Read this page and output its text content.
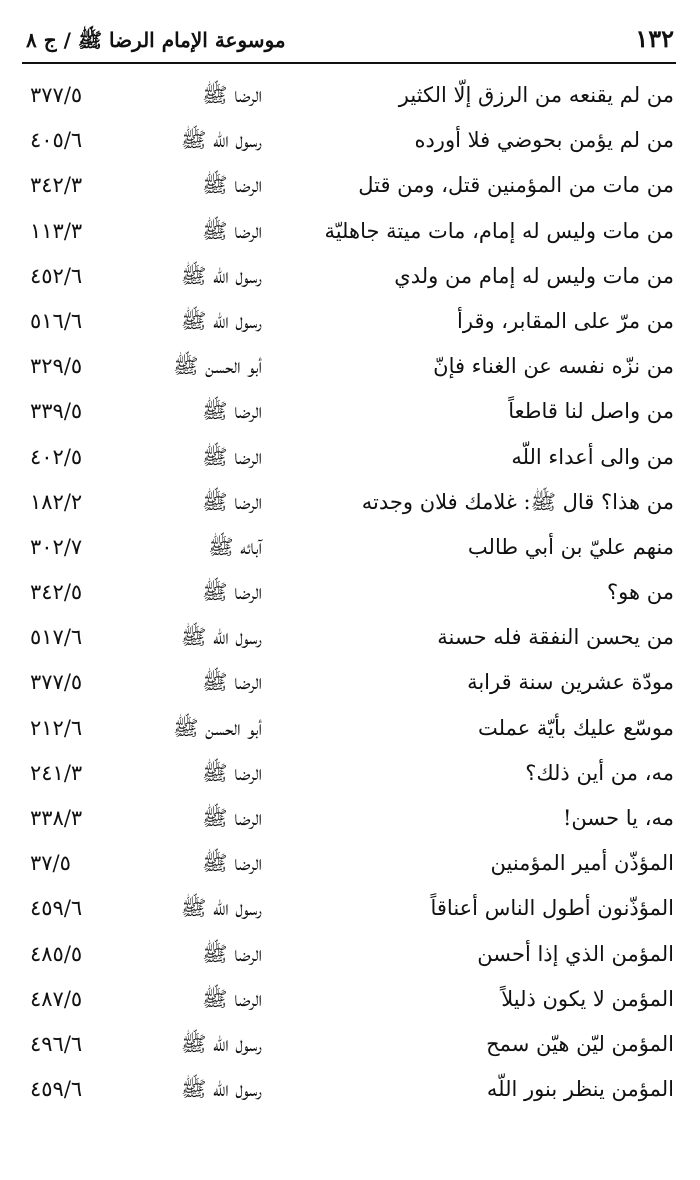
١٣٢
موسوعة الإمام الرضا ﷺ / ج ٨
من لم يقنعه من الرزق إلّا الكثير
الرضا ﷺ
٣٧٧/٥
من لم يؤمن بحوضي فلا أورده
رسول اللّه ﷺ
٤٠٥/٦
من مات من المؤمنين قتل، ومن قتل
الرضا ﷺ
٣٤٢/٣
من مات وليس له إمام، مات ميتة جاهليّة
الرضا ﷺ
١١٣/٣
من مات وليس له إمام من ولدي
رسول اللّه ﷺ
٤٥٢/٦
من مرّ على المقابر، وقرأ
رسول اللّه ﷺ
٥١٦/٦
من نزّه نفسه عن الغناء فإنّ
أبو الحسن ﷺ
٣٢٩/٥
من واصل لنا قاطعاً
الرضا ﷺ
٣٣٩/٥
من والى أعداء اللّه
الرضا ﷺ
٤٠٢/٥
من هذا؟ قال ﷺ: غلامك فلان وجدته
الرضا ﷺ
١٨٢/٢
منهم عليّ بن أبي طالب
آبائه ﷺ
٣٠٢/٧
من هو؟
الرضا ﷺ
٣٤٢/٥
من يحسن النفقة فله حسنة
رسول اللّه ﷺ
٥١٧/٦
مودّة عشرين سنة قرابة
الرضا ﷺ
٣٧٧/٥
موسّع عليك بأيّة عملت
أبو الحسن ﷺ
٢١٢/٦
مه، من أين ذلك؟
الرضا ﷺ
٢٤١/٣
مه، يا حسن!
الرضا ﷺ
٣٣٨/٣
المؤذّن أمير المؤمنين
الرضا ﷺ
٣٧/٥
المؤذّنون أطول الناس أعناقاً
رسول اللّه ﷺ
٤٥٩/٦
المؤمن الذي إذا أحسن
الرضا ﷺ
٤٨٥/٥
المؤمن لا يكون ذليلاً
الرضا ﷺ
٤٨٧/٥
المؤمن ليّن هيّن سمح
رسول اللّه ﷺ
٤٩٦/٦
المؤمن ينظر بنور اللّه
رسول اللّه ﷺ
٤٥٩/٦
